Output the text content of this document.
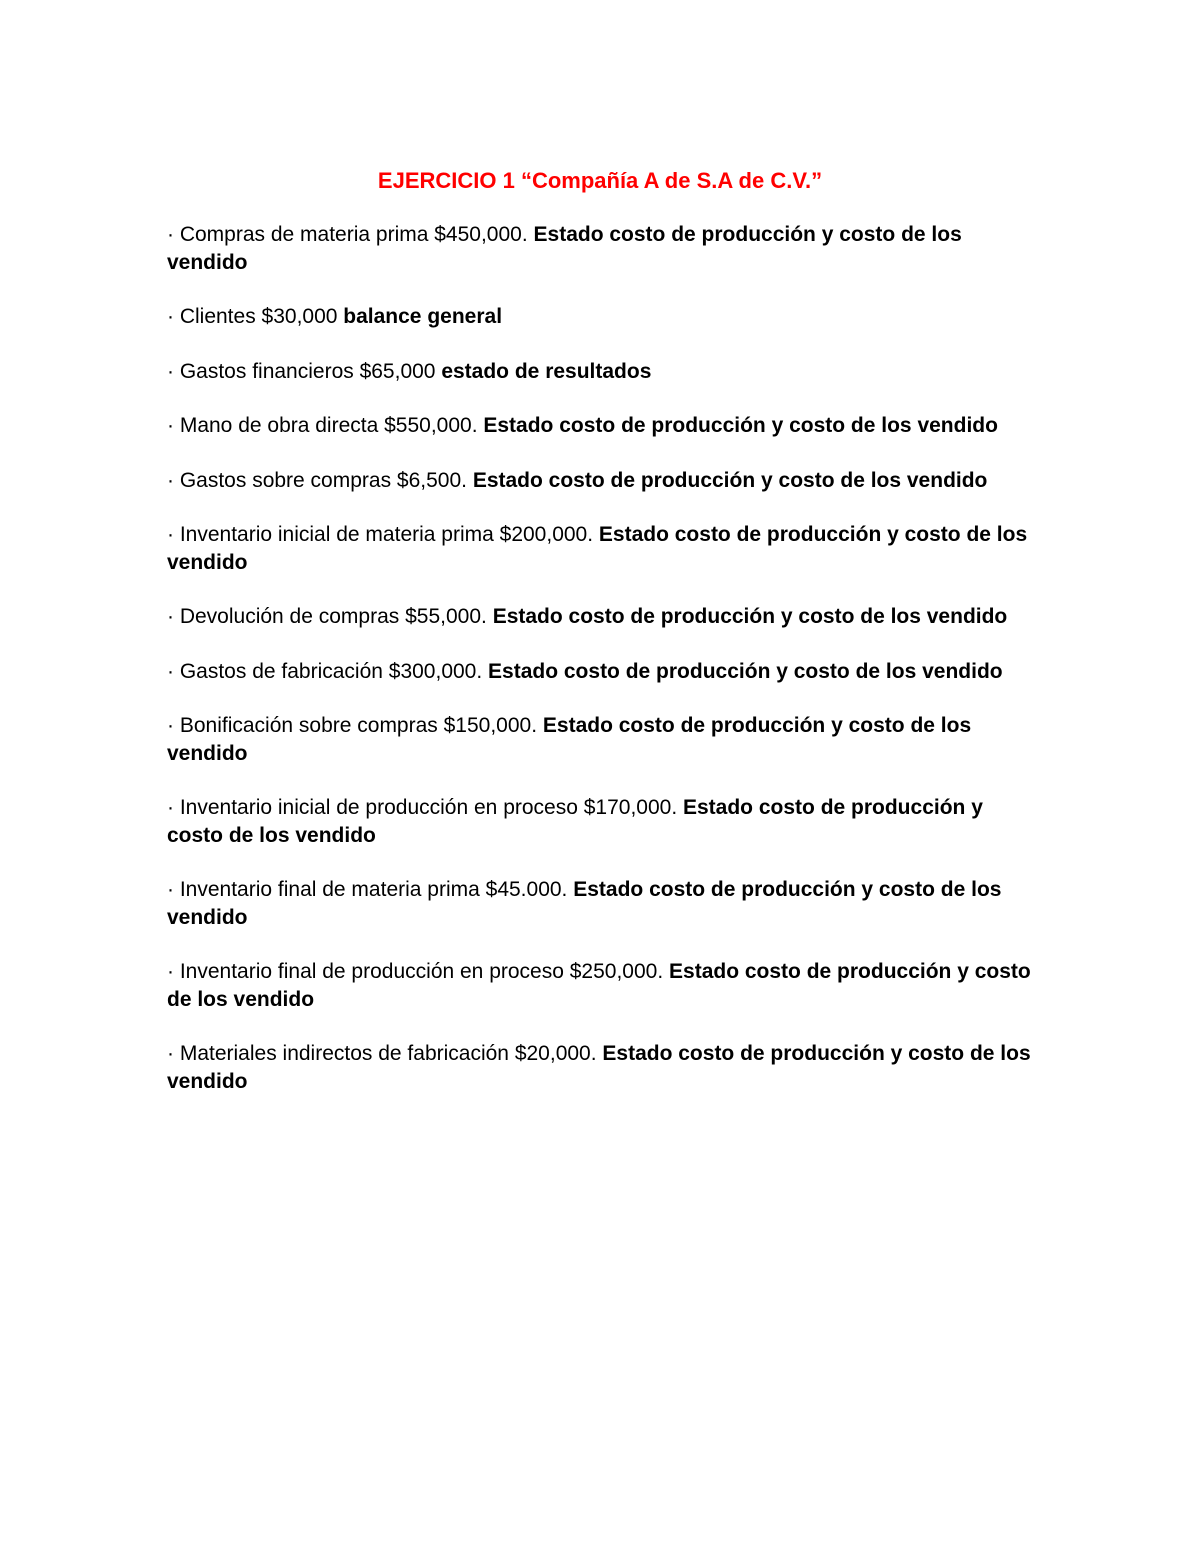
EJERCICIO 1 “Compañía A de S.A de C.V.”
· Compras de materia prima $450,000. Estado costo de producción y costo de los vendido
· Clientes $30,000 balance general
· Gastos financieros $65,000 estado de resultados
· Mano de obra directa $550,000. Estado costo de producción y costo de los vendido
· Gastos sobre compras $6,500. Estado costo de producción y costo de los vendido
· Inventario inicial de materia prima $200,000. Estado costo de producción y costo de los vendido
· Devolución de compras $55,000. Estado costo de producción y costo de los vendido
· Gastos de fabricación $300,000. Estado costo de producción y costo de los vendido
· Bonificación sobre compras $150,000. Estado costo de producción y costo de los vendido
· Inventario inicial de producción en proceso $170,000. Estado costo de producción y costo de los vendido
· Inventario final de materia prima $45.000. Estado costo de producción y costo de los vendido
· Inventario final de producción en proceso $250,000. Estado costo de producción y costo de los vendido
· Materiales indirectos de fabricación $20,000. Estado costo de producción y costo de los vendido
